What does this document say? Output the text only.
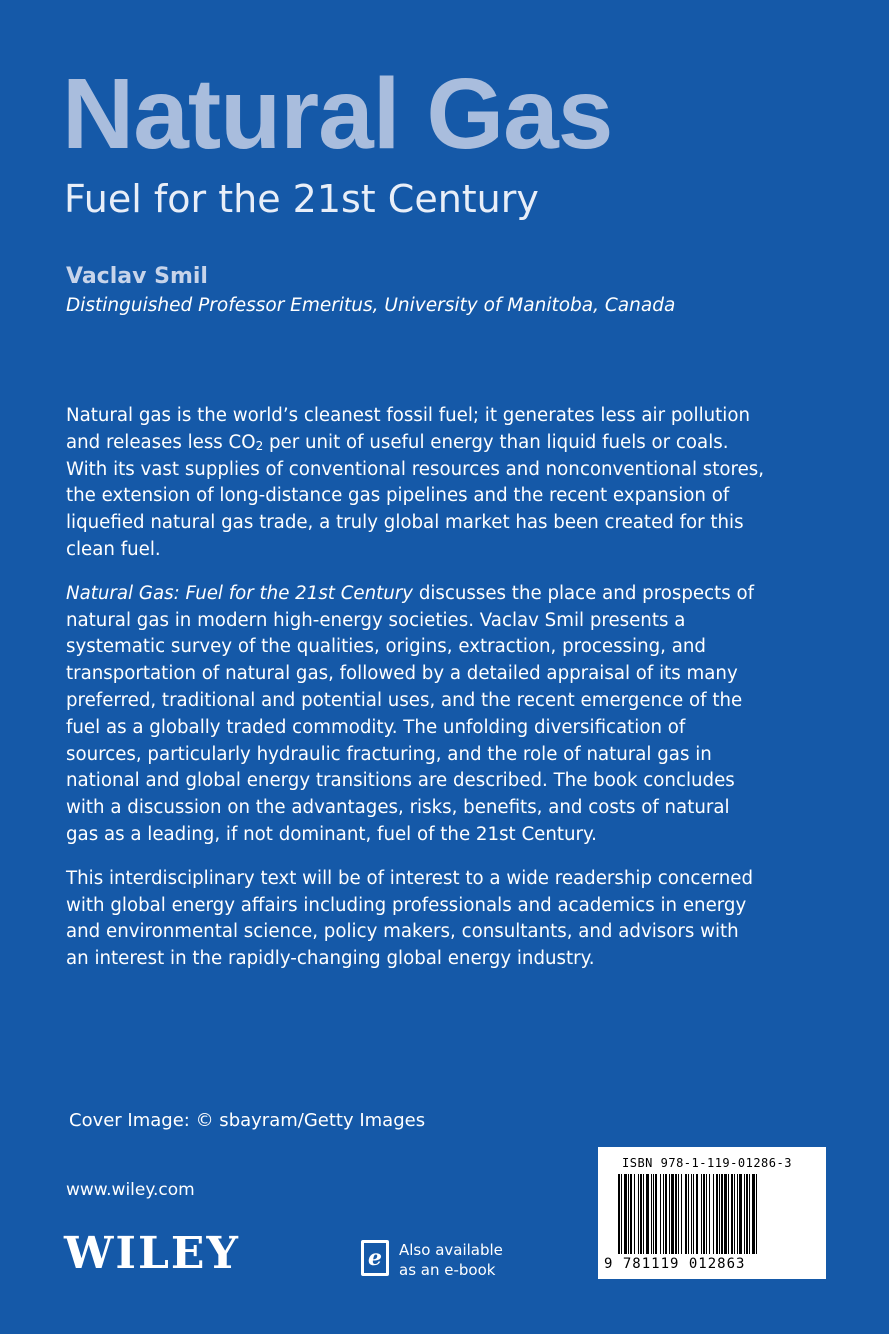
Natural Gas
Fuel for the 21st Century
Vaclav Smil
Distinguished Professor Emeritus, University of Manitoba, Canada

Natural gas is the world’s cleanest fossil fuel; it generates less air pollution and releases less $CO_2$ per unit of useful energy than liquid fuels or coals. With its vast supplies of conventional resources and nonconventional stores, the extension of long-distance gas pipelines and the recent expansion of liquefied natural gas trade, a truly global market has been created for this clean fuel.

Natural Gas: Fuel for the 21st Century discusses the place and prospects of natural gas in modern high-energy societies. Vaclav Smil presents a systematic survey of the qualities, origins, extraction, processing, and transportation of natural gas, followed by a detailed appraisal of its many preferred, traditional and potential uses, and the recent emergence of the fuel as a globally traded commodity. The unfolding diversification of sources, particularly hydraulic fracturing, and the role of natural gas in national and global energy transitions are described. The book concludes with a discussion on the advantages, risks, benefits, and costs of natural gas as a leading, if not dominant, fuel of the 21st Century.

This interdisciplinary text will be of interest to a wide readership concerned with global energy affairs including professionals and academics in energy and environmental science, policy makers, consultants, and advisors with an interest in the rapidly-changing global energy industry.

Cover Image: © sbayram/Getty Images
www.wiley.com
WILEY	e Also available
as an e-book
ISBN 978-1-119-01286-3
9 781119 012863
